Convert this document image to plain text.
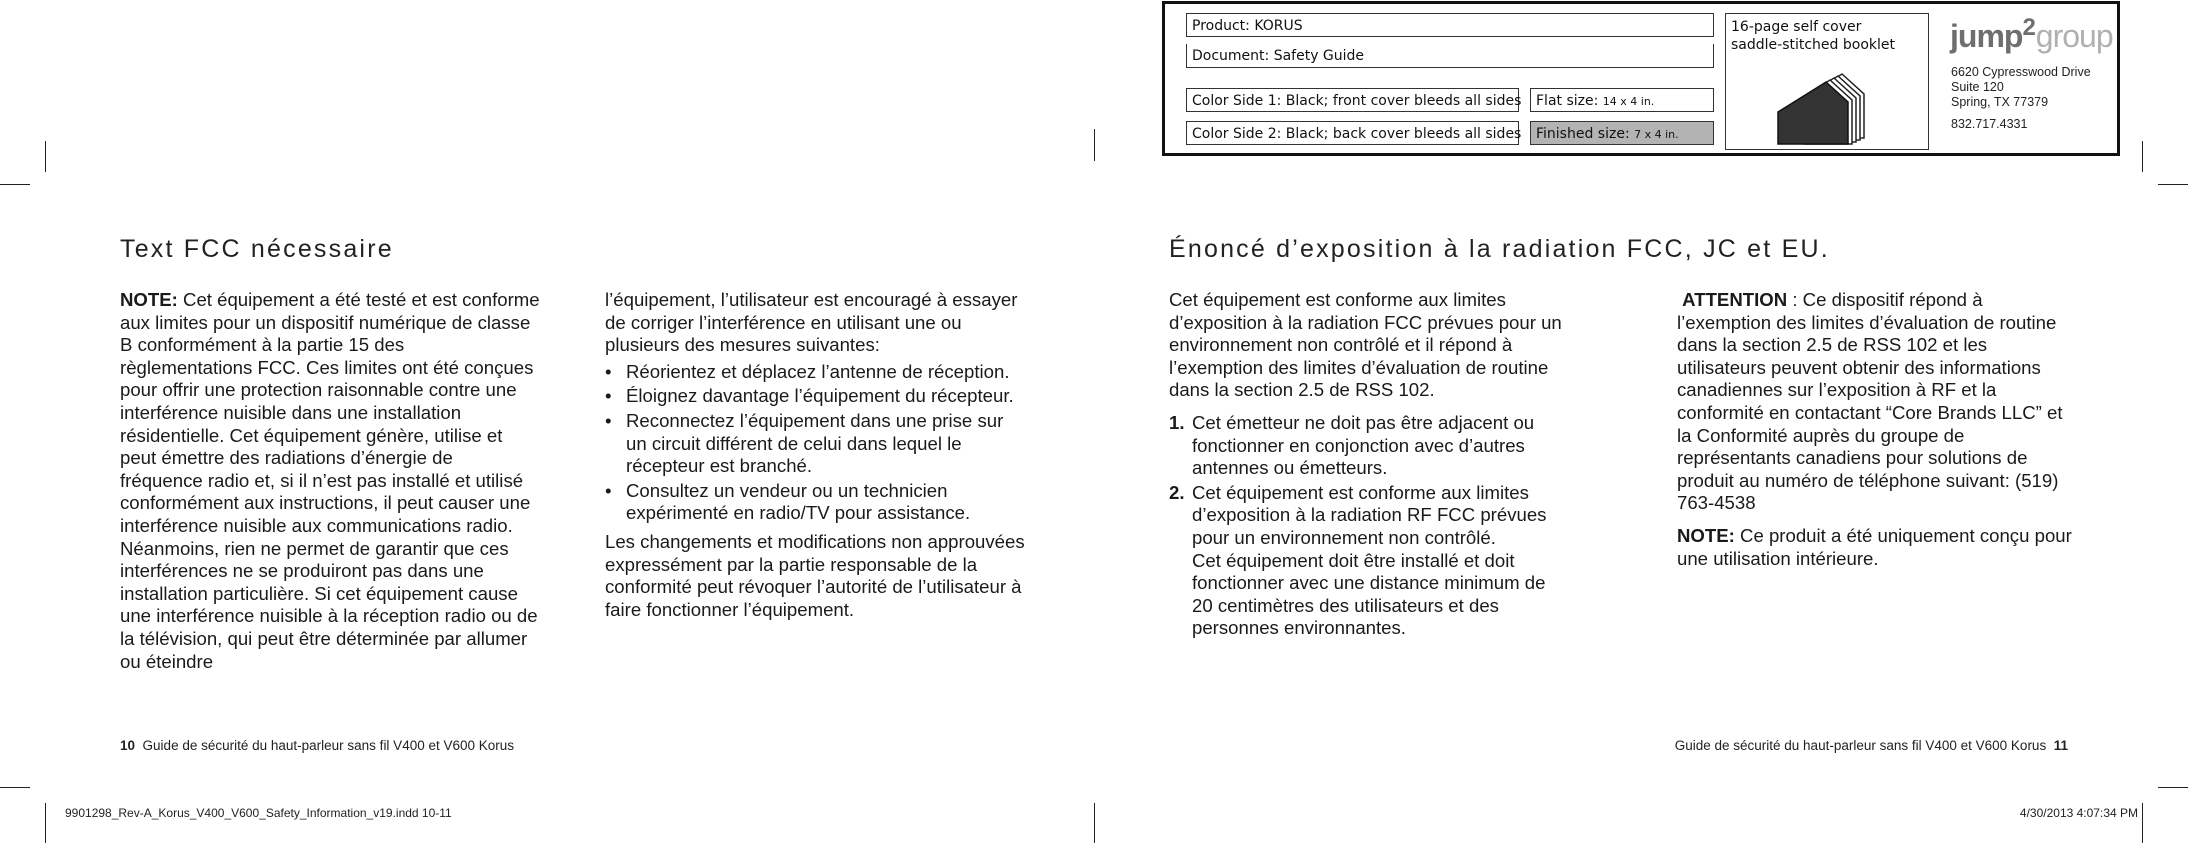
Product: KORUS
Document: Safety Guide
Color Side 1: Black; front cover bleeds all sides
Color Side 2: Black; back cover bleeds all sides
Flat size: 14 x 4 in.
Finished size: 7 x 4 in.
16-page self cover
saddle-stitched booklet	jump2group
6620 Cypresswood Drive
Suite 120
Spring, TX 77379
832.717.4331
Text FCC nécessaire

NOTE: Cet équipement a été testé et est conforme aux limites pour un dispositif numérique de classe B conformément à la partie 15 des règlementations FCC. Ces limites ont été conçues pour offrir une protection raisonnable contre une interférence nuisible dans une installation résidentielle. Cet équipement génère, utilise et peut émettre des radiations d’énergie de fréquence radio et, si il n’est pas installé et utilisé conformément aux instructions, il peut causer une interférence nuisible aux communications radio. Néanmoins, rien ne permet de garantir que ces interférences ne se produiront pas dans une installation particulière. Si cet équipement cause une interférence nuisible à la réception radio ou de la télévision, qui peut être déterminée par allumer ou éteindre

l’équipement, l’utilisateur est encouragé à essayer de corriger l’interférence en utilisant une ou plusieurs des mesures suivantes:

• Réorientez et déplacez l’antenne de réception.
• Éloignez davantage l’équipement du récepteur.
• Reconnectez l’équipement dans une prise sur un circuit différent de celui dans lequel le récepteur est branché.
• Consultez un vendeur ou un technicien expérimenté en radio/TV pour assistance.

Les changements et modifications non approuvées expressément par la partie responsable de la conformité peut révoquer l’autorité de l’utilisateur à faire fonctionner l’équipement.

10 Guide de sécurité du haut-parleur sans fil V400 et V600 Korus
Énoncé d’exposition à la radiation FCC, JC et EU.

Cet équipement est conforme aux limites d’exposition à la radiation FCC prévues pour un environnement non contrôlé et il répond à l’exemption des limites d’évaluation de routine dans la section 2.5 de RSS 102.

1. Cet émetteur ne doit pas être adjacent ou fonctionner en conjonction avec d’autres antennes ou émetteurs.
2. Cet équipement est conforme aux limites d’exposition à la radiation RF FCC prévues pour un environnement non contrôlé.
Cet équipement doit être installé et doit fonctionner avec une distance minimum de 20 centimètres des utilisateurs et des personnes environnantes.

ATTENTION : Ce dispositif répond à l’exemption des limites d’évaluation de routine dans la section 2.5 de RSS 102 et les utilisateurs peuvent obtenir des informations canadiennes sur l’exposition à RF et la conformité en contactant “Core Brands LLC” et la Conformité auprès du groupe de représentants canadiens pour solutions de produit au numéro de téléphone suivant: (519) 763-4538

NOTE: Ce produit a été uniquement conçu pour une utilisation intérieure.

Guide de sécurité du haut-parleur sans fil V400 et V600 Korus 11
9901298_Rev-A_Korus_V400_V600_Safety_Information_v19.indd 10-11	4/30/2013 4:07:34 PM
